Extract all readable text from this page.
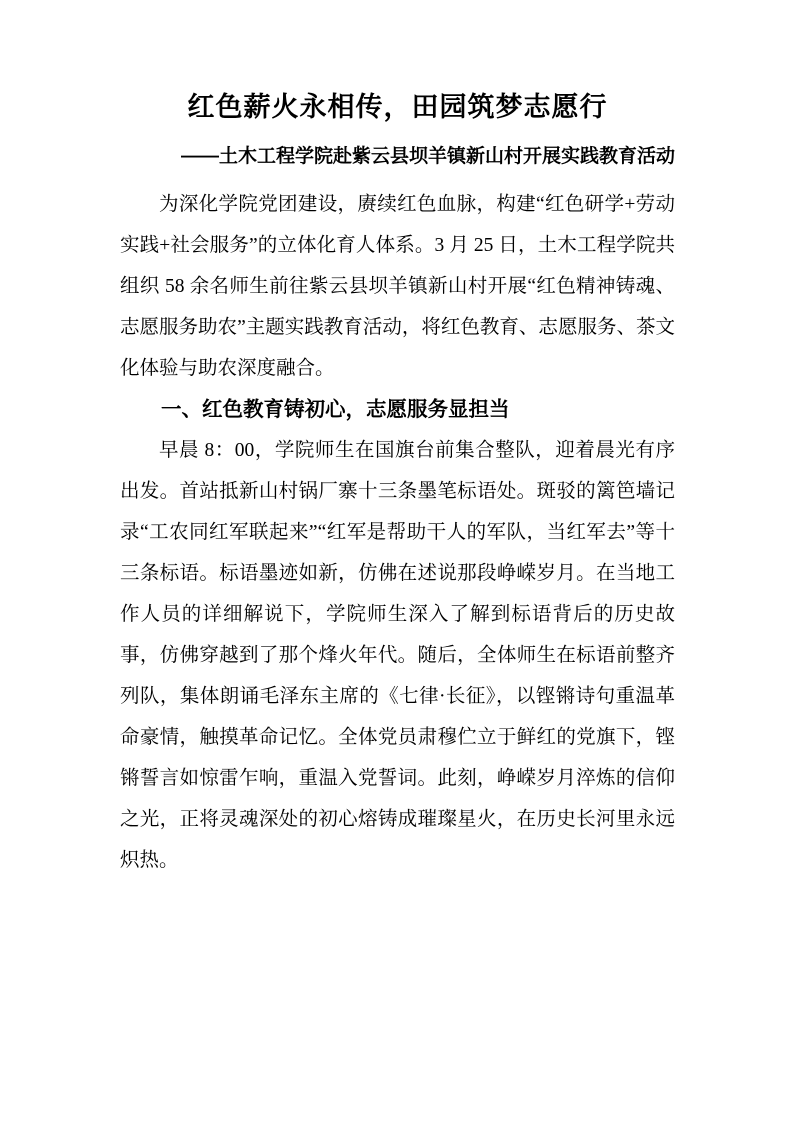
红色薪火永相传，田园筑梦志愿行
——土木工程学院赴紫云县坝羊镇新山村开展实践教育活动

为深化学院党团建设，赓续红色血脉，构建“红色研学+劳动实践+社会服务”的立体化育人体系。3 月 25 日，土木工程学院共组织 58 余名师生前往紫云县坝羊镇新山村开展“红色精神铸魂、志愿服务助农”主题实践教育活动，将红色教育、志愿服务、茶文化体验与助农深度融合。

一、红色教育铸初心，志愿服务显担当

早晨 8：00，学院师生在国旗台前集合整队，迎着晨光有序出发。首站抵新山村锅厂寨十三条墨笔标语处。斑驳的篱笆墙记录“工农同红军联起来”“红军是帮助干人的军队，当红军去”等十三条标语。标语墨迹如新，仿佛在述说那段峥嵘岁月。在当地工作人员的详细解说下，学院师生深入了解到标语背后的历史故事，仿佛穿越到了那个烽火年代。随后，全体师生在标语前整齐列队，集体朗诵毛泽东主席的《七律·长征》，以铿锵诗句重温革命豪情，触摸革命记忆。全体党员肃穆伫立于鲜红的党旗下，铿锵誓言如惊雷乍响，重温入党誓词。此刻，峥嵘岁月淬炼的信仰之光，正将灵魂深处的初心熔铸成璀璨星火，在历史长河里永远炽热。
